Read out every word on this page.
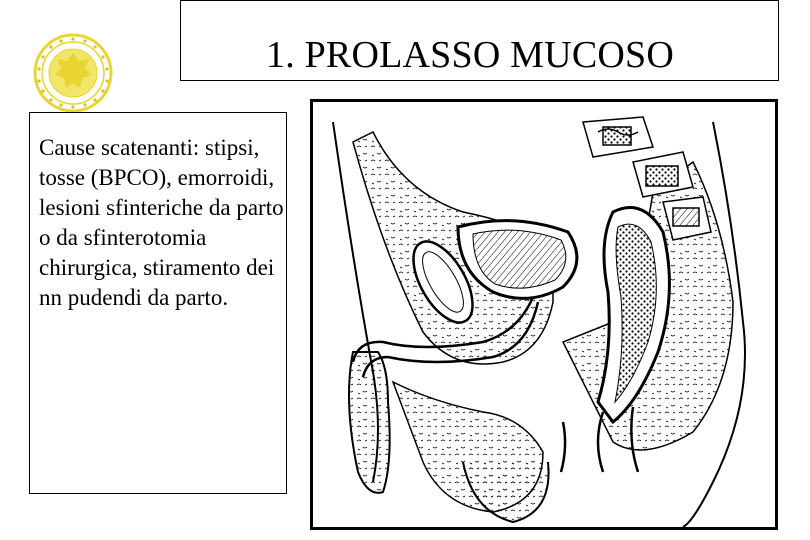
1. PROLASSO MUCOSO
Cause scatenanti: stipsi, tosse (BPCO), emorroidi, lesioni sfinteriche da parto o da sfinterotomia chirurgica, stiramento dei nn pudendi da parto.
